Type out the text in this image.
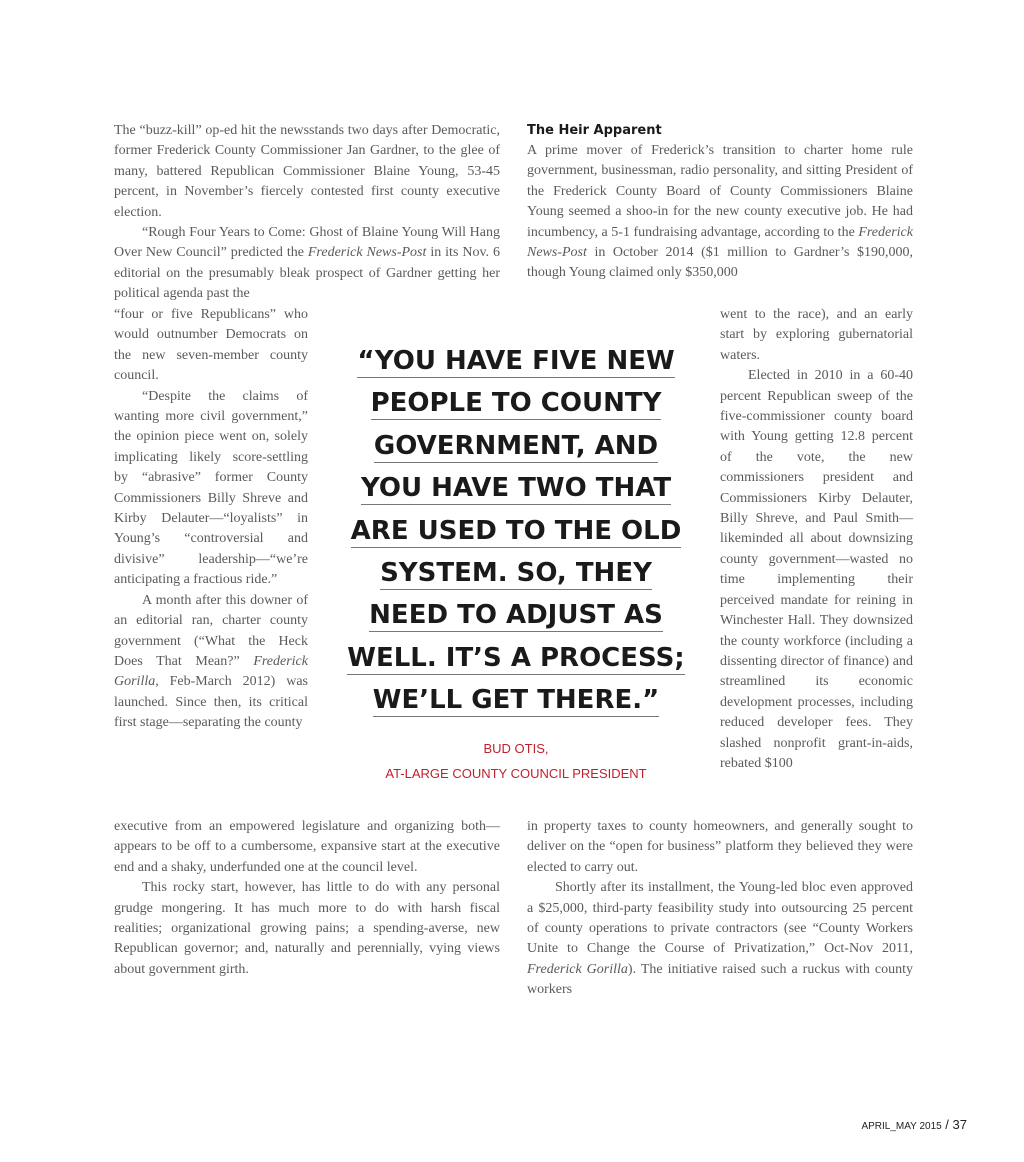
The “buzz-kill” op-ed hit the newsstands two days after Democratic, former Frederick County Commissioner Jan Gardner, to the glee of many, battered Republican Commissioner Blaine Young, 53-45 percent, in November’s fiercely contested first county executive election.

“Rough Four Years to Come: Ghost of Blaine Young Will Hang Over New Council” predicted the Frederick News-Post in its Nov. 6 editorial on the presumably bleak prospect of Gardner getting her political agenda past the

“four or five Republicans” who would outnumber Democrats on the new seven-member county council.

“Despite the claims of wanting more civil government,” the opinion piece went on, solely implicating likely score-settling by “abrasive” former County Commissioners Billy Shreve and Kirby Delauter—“loyalists” in Young’s “controversial and divisive” leadership—“we’re anticipating a fractious ride.”

A month after this downer of an editorial ran, charter county government (“What the Heck Does That Mean?” Frederick Gorilla, Feb-March 2012) was launched. Since then, its critical first stage—separating the county

executive from an empowered legislature and organizing both—appears to be off to a cumbersome, expansive start at the executive end and a shaky, underfunded one at the council level.

This rocky start, however, has little to do with any personal grudge mongering. It has much more to do with harsh fiscal realities; organizational growing pains; a spending-averse, new Republican governor; and, naturally and perennially, vying views about government girth.

The Heir Apparent

A prime mover of Frederick’s transition to charter home rule government, businessman, radio personality, and sitting President of the Frederick County Board of County Commissioners Blaine Young seemed a shoo-in for the new county executive job. He had incumbency, a 5-1 fundraising advantage, according to the Frederick News-Post in October 2014 ($1 million to Gardner’s $190,000, though Young claimed only $350,000

went to the race), and an early start by exploring gubernatorial waters.

Elected in 2010 in a 60-40 percent Republican sweep of the five-commissioner county board with Young getting 12.8 percent of the vote, the new commissioners president and Commissioners Kirby Delauter, Billy Shreve, and Paul Smith—likeminded all about downsizing county government—wasted no time implementing their perceived mandate for reining in Winchester Hall. They downsized the county workforce (including a dissenting director of finance) and streamlined its economic development processes, including reduced developer fees. They slashed nonprofit grant-in-aids, rebated $100

in property taxes to county homeowners, and generally sought to deliver on the “open for business” platform they believed they were elected to carry out.

Shortly after its installment, the Young-led bloc even approved a $25,000, third-party feasibility study into outsourcing 25 percent of county operations to private contractors (see “County Workers Unite to Change the Course of Privatization,” Oct-Nov 2011, Frederick Gorilla). The initiative raised such a ruckus with county workers

“YOU HAVE FIVE NEW
PEOPLE TO COUNTY
GOVERNMENT, AND
YOU HAVE TWO THAT
ARE USED TO THE OLD
SYSTEM. SO, THEY
NEED TO ADJUST AS
WELL. IT’S A PROCESS;
WE’LL GET THERE.”
BUD OTIS,
AT-LARGE COUNTY COUNCIL PRESIDENT
APRIL_MAY 2015 / 37
